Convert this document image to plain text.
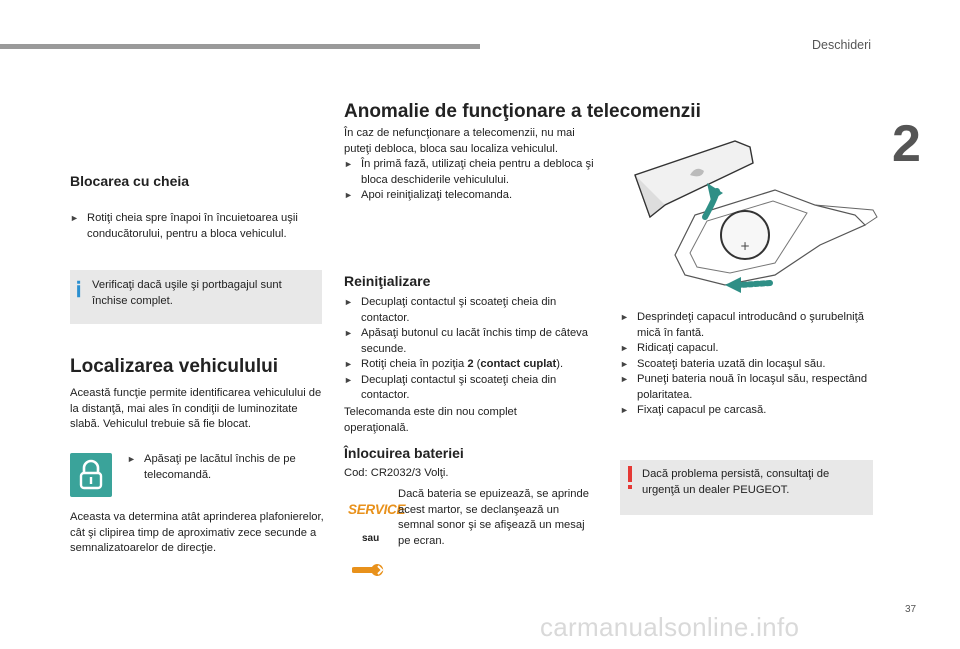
Deschideri
2
Blocarea cu cheia

► Rotiţi cheia spre înapoi în încuietoarea uşii conducătorului, pentru a bloca vehiculul.

Verificaţi dacă uşile şi portbagajul sunt închise complet.

Localizarea vehiculului

Această funcţie permite identificarea vehiculului de la distanţă, mai ales în condiţii de luminozitate slabă. Vehiculul trebuie să fie blocat.

► Apăsaţi pe lacătul închis de pe telecomandă.

Aceasta va determina atât aprinderea plafonierelor, cât şi clipirea timp de aproximativ zece secunde a semnalizatoarelor de direcţie.

Anomalie de funcţionare a telecomenzii

În caz de nefuncţionare a telecomenzii, nu mai puteţi debloca, bloca sau localiza vehiculul.

► În primă fază, utilizaţi cheia pentru a debloca şi bloca deschiderile vehiculului.

► Apoi reiniţializaţi telecomanda.

Reiniţializare

► Decuplaţi contactul şi scoateţi cheia din contactor.

► Apăsaţi butonul cu lacăt închis timp de câteva secunde.

► Rotiţi cheia în poziţia 2 (contact cuplat).

► Decuplaţi contactul şi scoateţi cheia din contactor.

Telecomanda este din nou complet operaţională.

Înlocuirea bateriei

Cod: CR2032/3 Volţi.

SERVICE
sau

Dacă bateria se epuizează, se aprinde acest martor, se declanşează un semnal sonor şi se afişează un mesaj pe ecran.

+

► Desprindeţi capacul introducând o şurubelniţă mică în fantă.

► Ridicaţi capacul.

► Scoateţi bateria uzată din locaşul său.

► Puneţi bateria nouă în locaşul său, respectând polaritatea.

► Fixaţi capacul pe carcasă.

Dacă problema persistă, consultaţi de urgenţă un dealer PEUGEOT.

37
carmanualsonline.info
